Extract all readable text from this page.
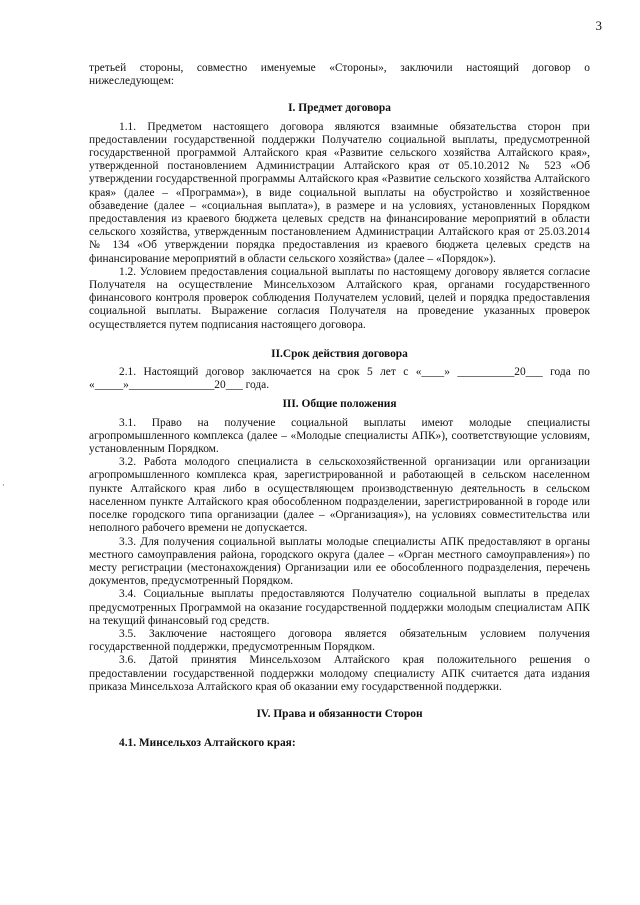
3
·

третьей стороны, совместно именуемые «Стороны», заключили настоящий договор о нижеследующем:

I. Предмет договора

1.1. Предметом настоящего договора являются взаимные обязательства сторон при предоставлении государственной поддержки Получателю социальной выплаты, предусмотренной государственной программой Алтайского края «Развитие сельского хозяйства Алтайского края», утвержденной постановлением Администрации Алтайского края от 05.10.2012 № 523 «Об утверждении государственной программы Алтайского края «Развитие сельского хозяйства Алтайского края» (далее – «Программа»), в виде социальной выплаты на обустройство и хозяйственное обзаведение (далее – «социальная выплата»), в размере и на условиях, установленных Порядком предоставления из краевого бюджета целевых средств на финансирование мероприятий в области сельского хозяйства, утвержденным постановлением Администрации Алтайского края от 25.03.2014 № 134 «Об утверждении порядка предоставления из краевого бюджета целевых средств на финансирование мероприятий в области сельского хозяйства» (далее – «Порядок»).

1.2. Условием предоставления социальной выплаты по настоящему договору является согласие Получателя на осуществление Минсельхозом Алтайского края, органами государственного финансового контроля проверок соблюдения Получателем условий, целей и порядка предоставления социальной выплаты. Выражение согласия Получателя на проведение указанных проверок осуществляется путем подписания настоящего договора.

II.Срок действия договора

2.1. Настоящий договор заключается на срок 5 лет с «____» __________20___ года по «_____»_______________20___ года.

III. Общие положения

3.1. Право на получение социальной выплаты имеют молодые специалисты агропромышленного комплекса (далее – «Молодые специалисты АПК»), соответствующие условиям, установленным Порядком.

3.2. Работа молодого специалиста в сельскохозяйственной организации или организации агропромышленного комплекса края, зарегистрированной и работающей в сельском населенном пункте Алтайского края либо в осуществляющем производственную деятельность в сельском населенном пункте Алтайского края обособленном подразделении, зарегистрированной в городе или поселке городского типа организации (далее – «Организация»), на условиях совместительства или неполного рабочего времени не допускается.

3.3. Для получения социальной выплаты молодые специалисты АПК предоставляют в органы местного самоуправления района, городского округа (далее – «Орган местного самоуправления») по месту регистрации (местонахождения) Организации или ее обособленного подразделения, перечень документов, предусмотренный Порядком.

3.4. Социальные выплаты предоставляются Получателю социальной выплаты в пределах предусмотренных Программой на оказание государственной поддержки молодым специалистам АПК на текущий финансовый год средств.

3.5. Заключение настоящего договора является обязательным условием получения государственной поддержки, предусмотренным Порядком.

3.6. Датой принятия Минсельхозом Алтайского края положительного решения о предоставлении государственной поддержки молодому специалисту АПК считается дата издания приказа Минсельхоза Алтайского края об оказании ему государственной поддержки.

IV. Права и обязанности Сторон
4.1. Минсельхоз Алтайского края:
